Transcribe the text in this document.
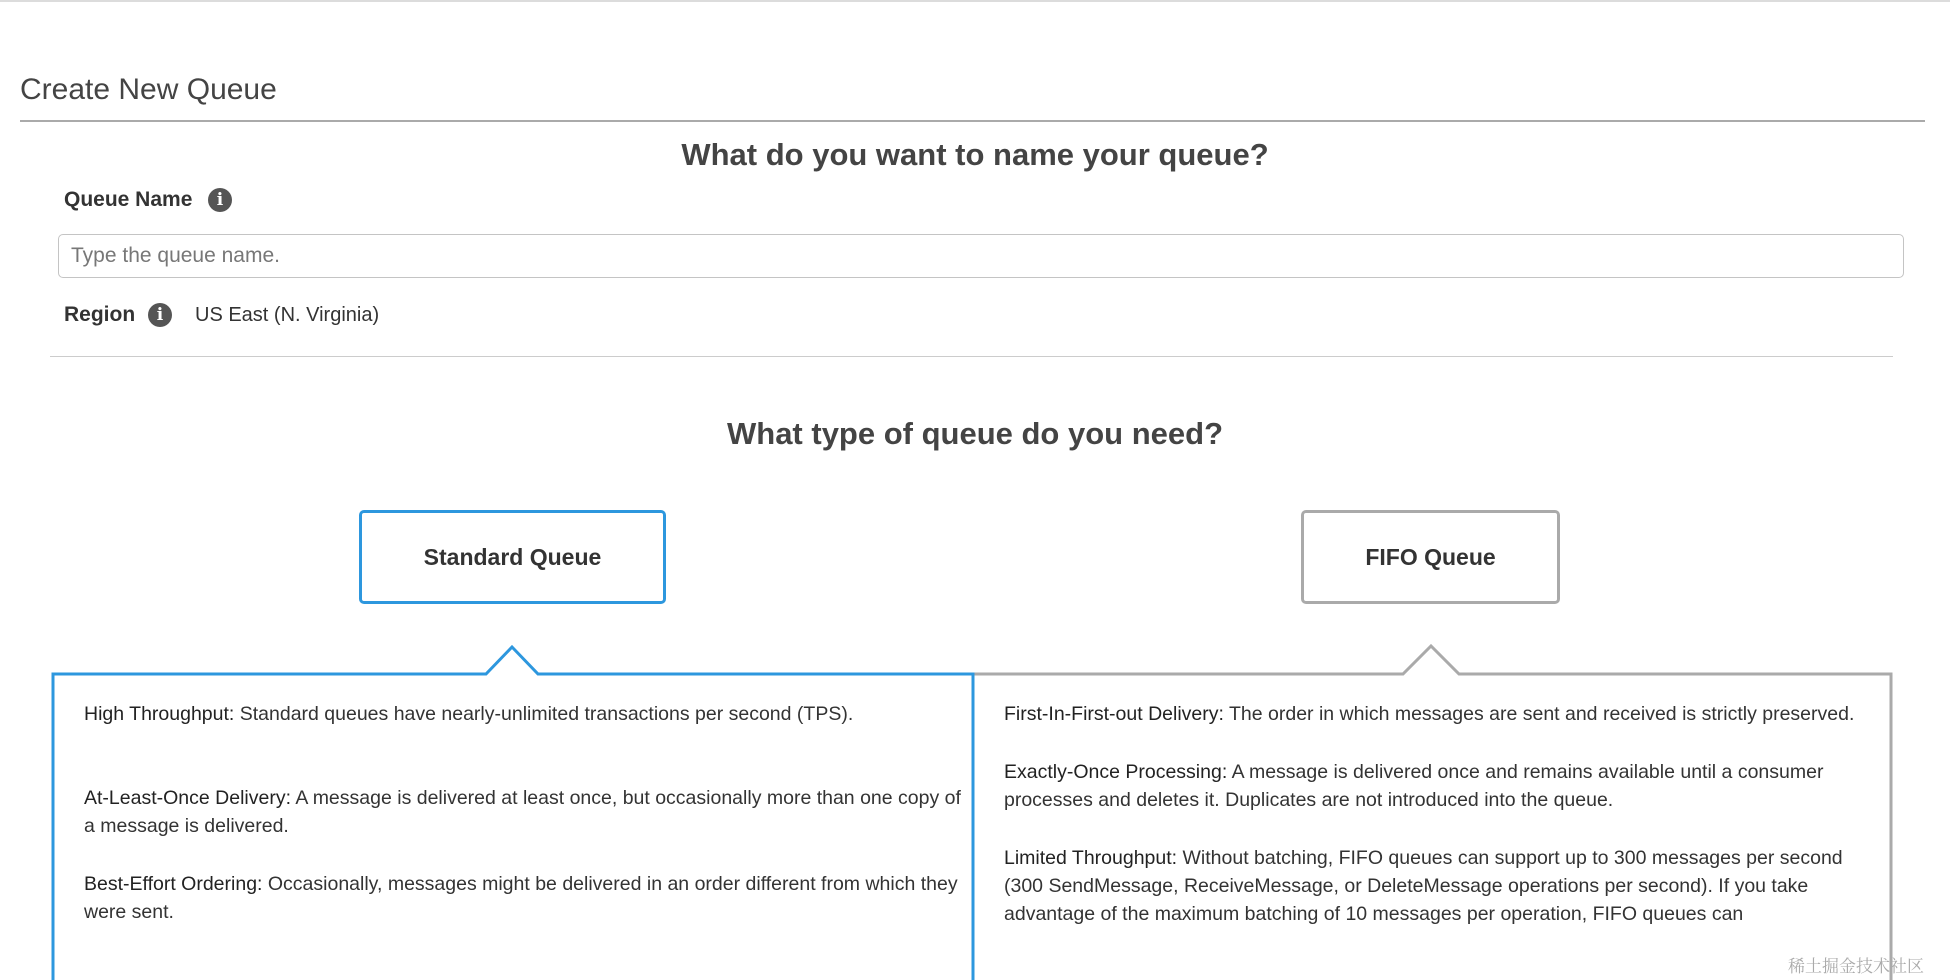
Create New Queue
What do you want to name your queue?
Queue Name	i
Type the queue name.
Region	i	US East (N. Virginia)
What type of queue do you need?
Standard Queue	FIFO Queue
High Throughput: Standard queues have nearly-unlimited transactions per second (TPS).
At-Least-Once Delivery: A message is delivered at least once, but occasionally more than one copy of a message is delivered.
Best-Effort Ordering: Occasionally, messages might be delivered in an order different from which they were sent.
First-In-First-out Delivery: The order in which messages are sent and received is strictly preserved.
Exactly-Once Processing: A message is delivered once and remains available until a consumer processes and deletes it. Duplicates are not introduced into the queue.
Limited Throughput: Without batching, FIFO queues can support up to 300 messages per second (300 SendMessage, ReceiveMessage, or DeleteMessage operations per second). If you take advantage of the maximum batching of 10 messages per operation, FIFO queues can
稀土掘金技术社区
